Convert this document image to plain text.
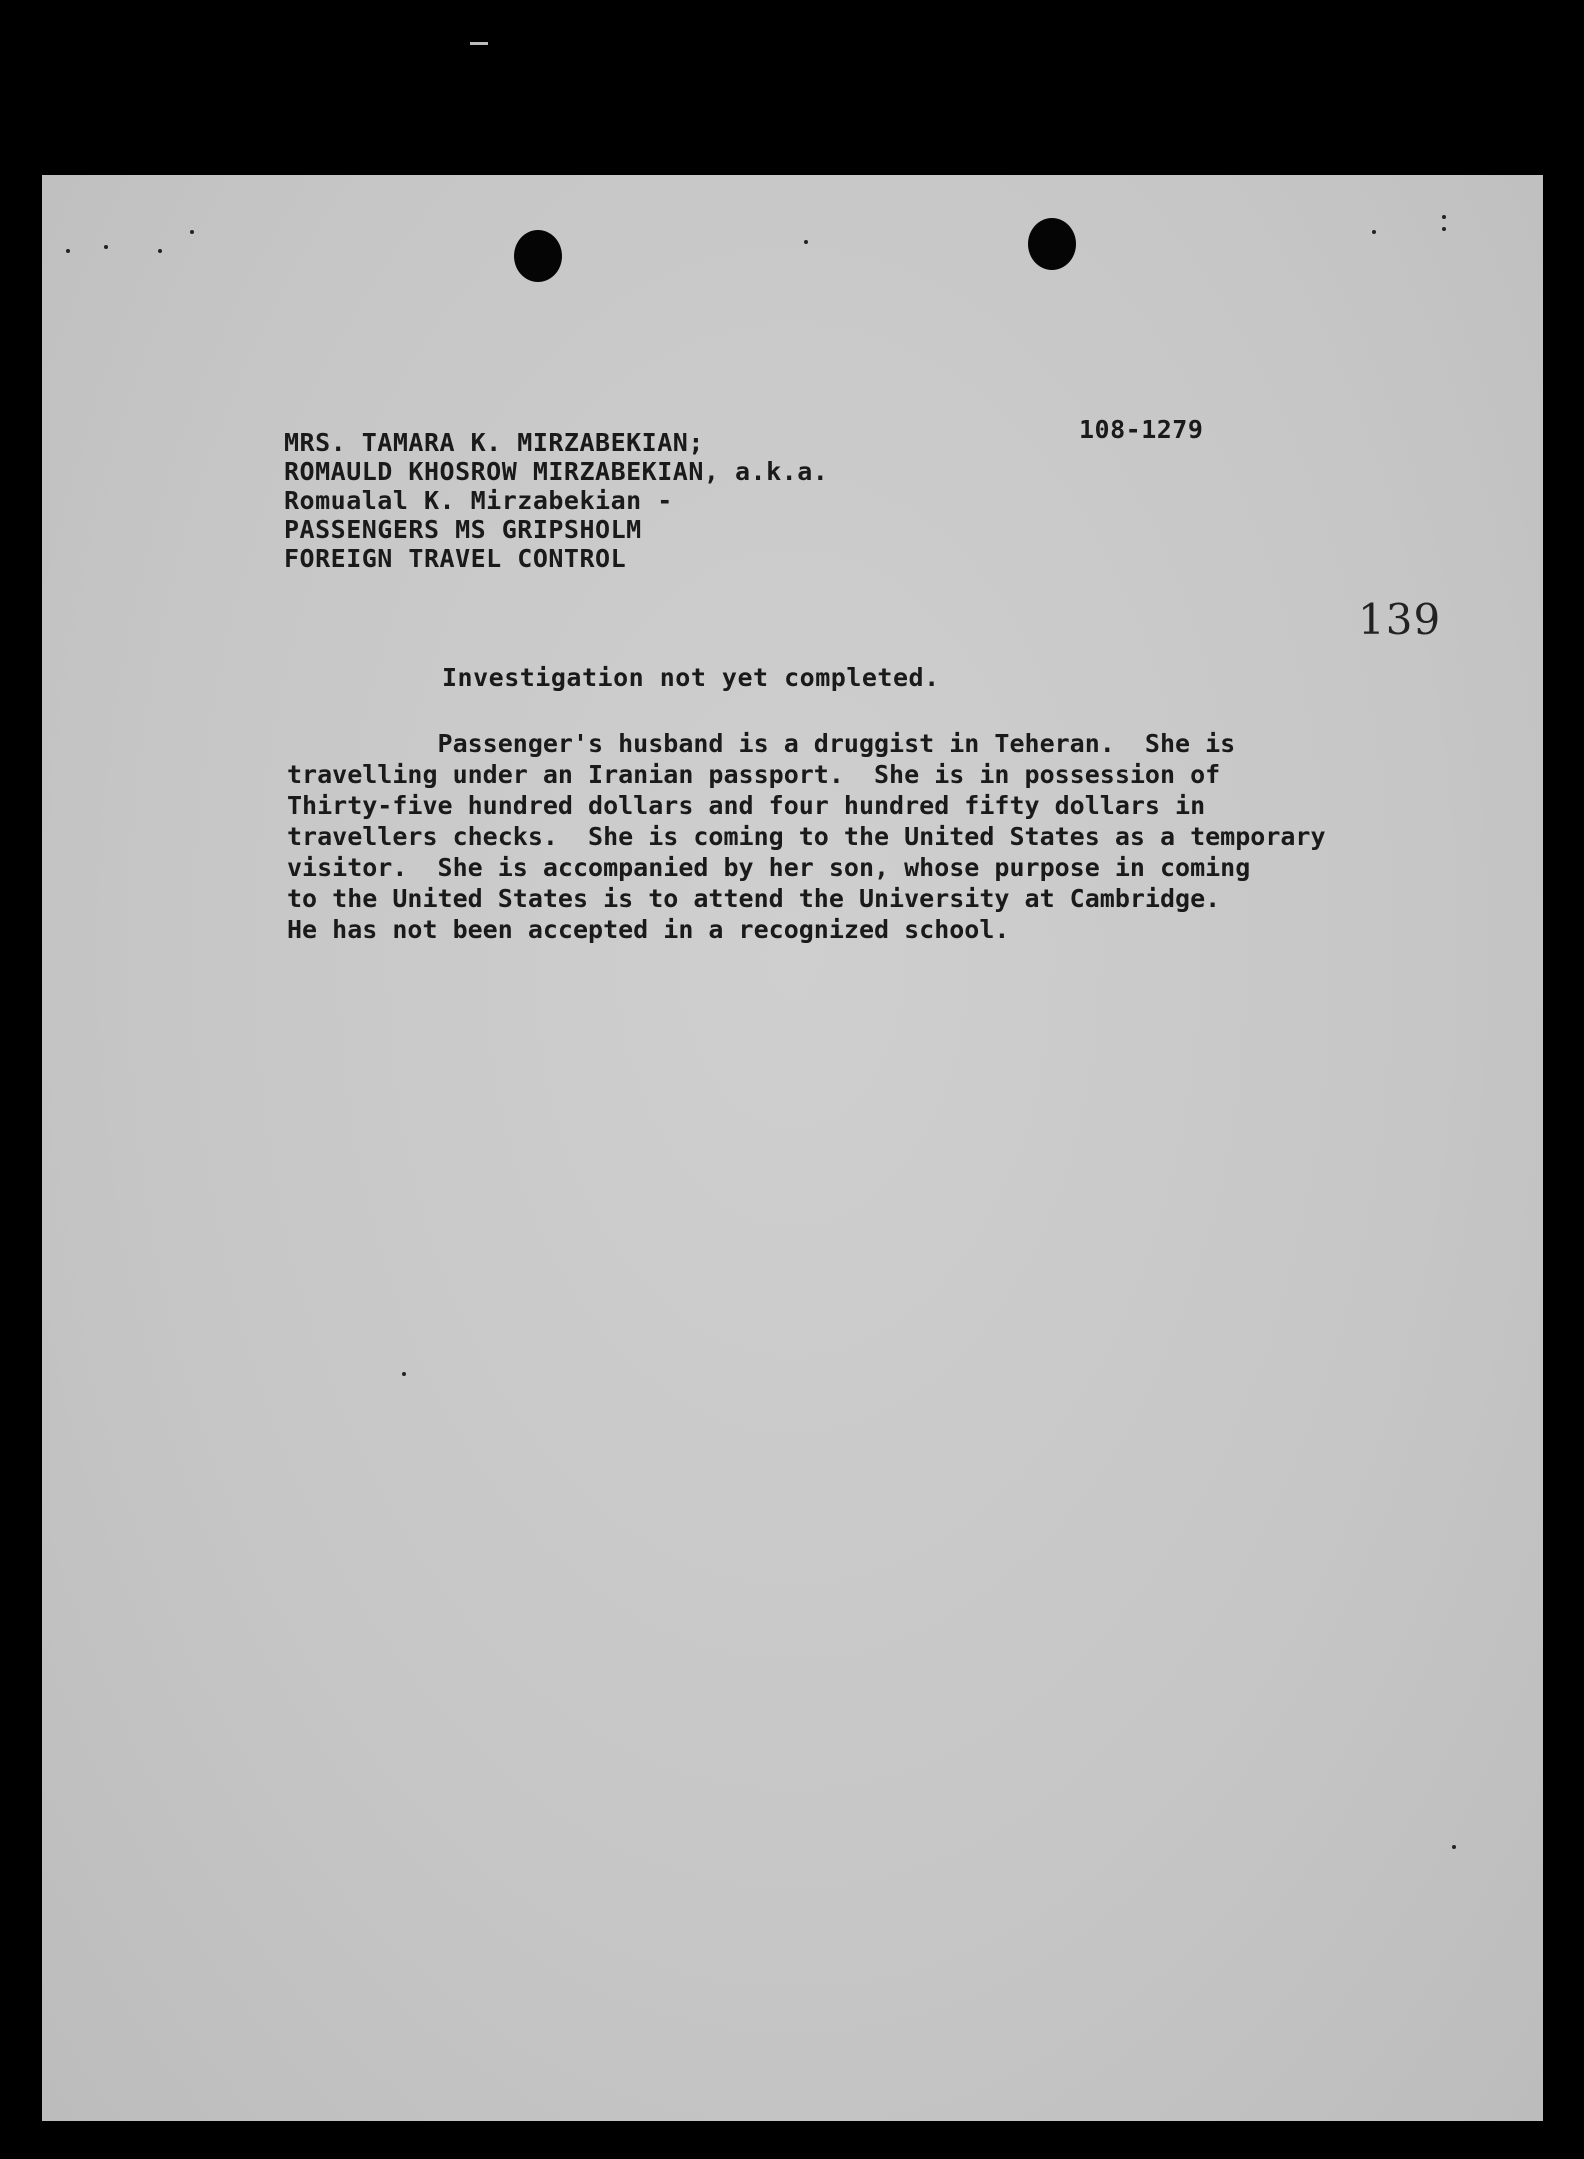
MRS. TAMARA K. MIRZABEKIAN;
ROMAULD KHOSROW MIRZABEKIAN, a.k.a.
Romualal K. Mirzabekian -
PASSENGERS MS GRIPSHOLM
FOREIGN TRAVEL CONTROL
108-1279
139
Investigation not yet completed.
Passenger's husband is a druggist in Teheran.  She is
travelling under an Iranian passport.  She is in possession of
Thirty-five hundred dollars and four hundred fifty dollars in
travellers checks.  She is coming to the United States as a temporary
visitor.  She is accompanied by her son, whose purpose in coming
to the United States is to attend the University at Cambridge.
He has not been accepted in a recognized school.
